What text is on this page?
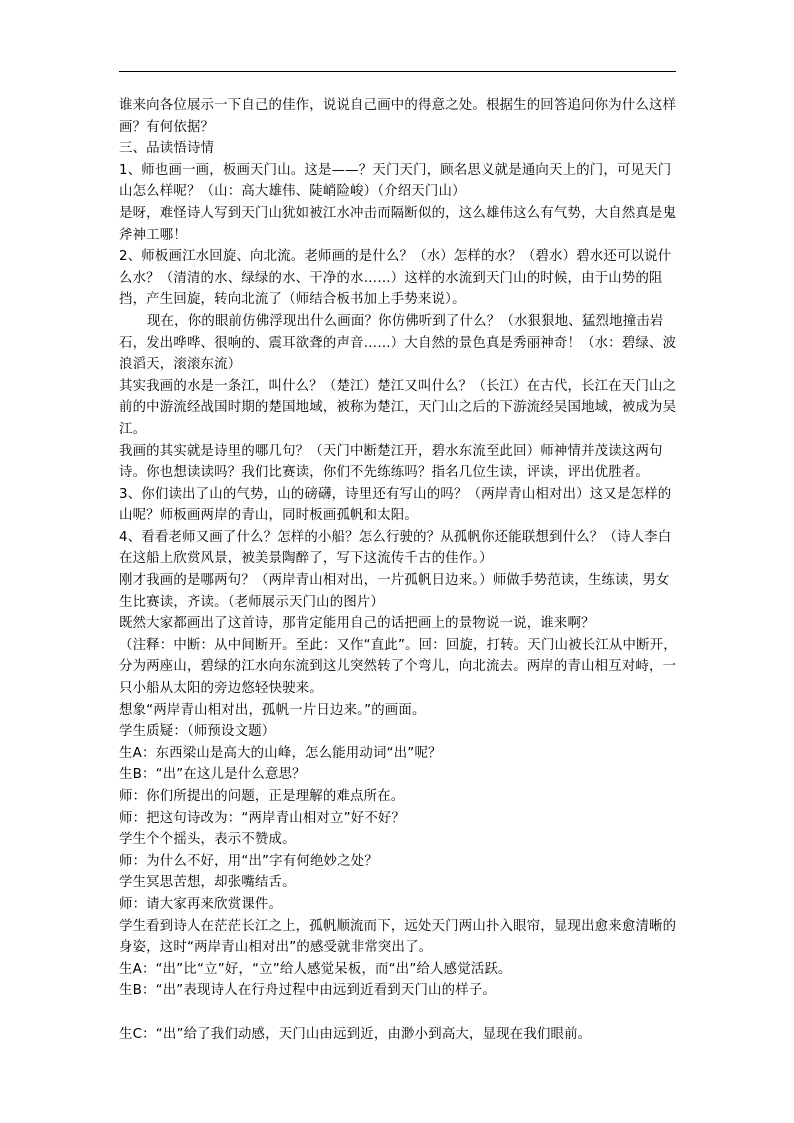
谁来向各位展示一下自己的佳作，说说自己画中的得意之处。根据生的回答追问你为什么这样画？有何依据？

三、品读悟诗情

1、师也画一画，板画天门山。这是——？天门天门，顾名思义就是通向天上的门，可见天门山怎么样呢？（山：高大雄伟、陡峭险峻）（介绍天门山）

是呀，难怪诗人写到天门山犹如被江水冲击而隔断似的，这么雄伟这么有气势，大自然真是鬼斧神工哪！

2、师板画江水回旋、向北流。老师画的是什么？（水）怎样的水？（碧水）碧水还可以说什么水？（清清的水、绿绿的水、干净的水……）这样的水流到天门山的时候，由于山势的阻挡，产生回旋，转向北流了（师结合板书加上手势来说）。

现在，你的眼前仿佛浮现出什么画面？你仿佛听到了什么？（水狠狠地、猛烈地撞击岩石，发出哗哗、很响的、震耳欲聋的声音……）大自然的景色真是秀丽神奇！（水：碧绿、波浪滔天，滚滚东流）

其实我画的水是一条江，叫什么？（楚江）楚江又叫什么？（长江）在古代，长江在天门山之前的中游流经战国时期的楚国地域，被称为楚江，天门山之后的下游流经吴国地域，被成为吴江。

我画的其实就是诗里的哪几句？（天门中断楚江开，碧水东流至此回）师神情并茂读这两句诗。你也想读读吗？我们比赛读，你们不先练练吗？指名几位生读，评读，评出优胜者。

3、你们读出了山的气势，山的磅礴，诗里还有写山的吗？（两岸青山相对出）这又是怎样的山呢？师板画两岸的青山，同时板画孤帆和太阳。

4、看看老师又画了什么？怎样的小船？怎么行驶的？从孤帆你还能联想到什么？（诗人李白在这船上欣赏风景，被美景陶醉了，写下这流传千古的佳作。）

刚才我画的是哪两句？（两岸青山相对出，一片孤帆日边来。）师做手势范读，生练读，男女生比赛读，齐读。（老师展示天门山的图片）

既然大家都画出了这首诗，那肯定能用自己的话把画上的景物说一说，谁来啊？

（注释：中断：从中间断开。至此：又作“直此”。回：回旋，打转。天门山被长江从中断开，分为两座山，碧绿的江水向东流到这儿突然转了个弯儿，向北流去。两岸的青山相互对峙，一只小船从太阳的旁边悠轻快驶来。

想象“两岸青山相对出，孤帆一片日边来。”的画面。

学生质疑：（师预设文题）

生A：东西梁山是高大的山峰，怎么能用动词“出”呢？

生B：“出”在这儿是什么意思？

师：你们所提出的问题，正是理解的难点所在。

师：把这句诗改为：“两岸青山相对立”好不好？

学生个个摇头，表示不赞成。

师：为什么不好，用“出”字有何绝妙之处？

学生冥思苦想，却张嘴结舌。

师：请大家再来欣赏课件。

学生看到诗人在茫茫长江之上，孤帆顺流而下，远处天门两山扑入眼帘，显现出愈来愈清晰的身姿，这时“两岸青山相对出”的感受就非常突出了。

生A：“出”比“立”好，“立”给人感觉呆板，而“出”给人感觉活跃。

生B：“出”表现诗人在行舟过程中由远到近看到天门山的样子。

生C：“出”给了我们动感，天门山由远到近，由渺小到高大，显现在我们眼前。
